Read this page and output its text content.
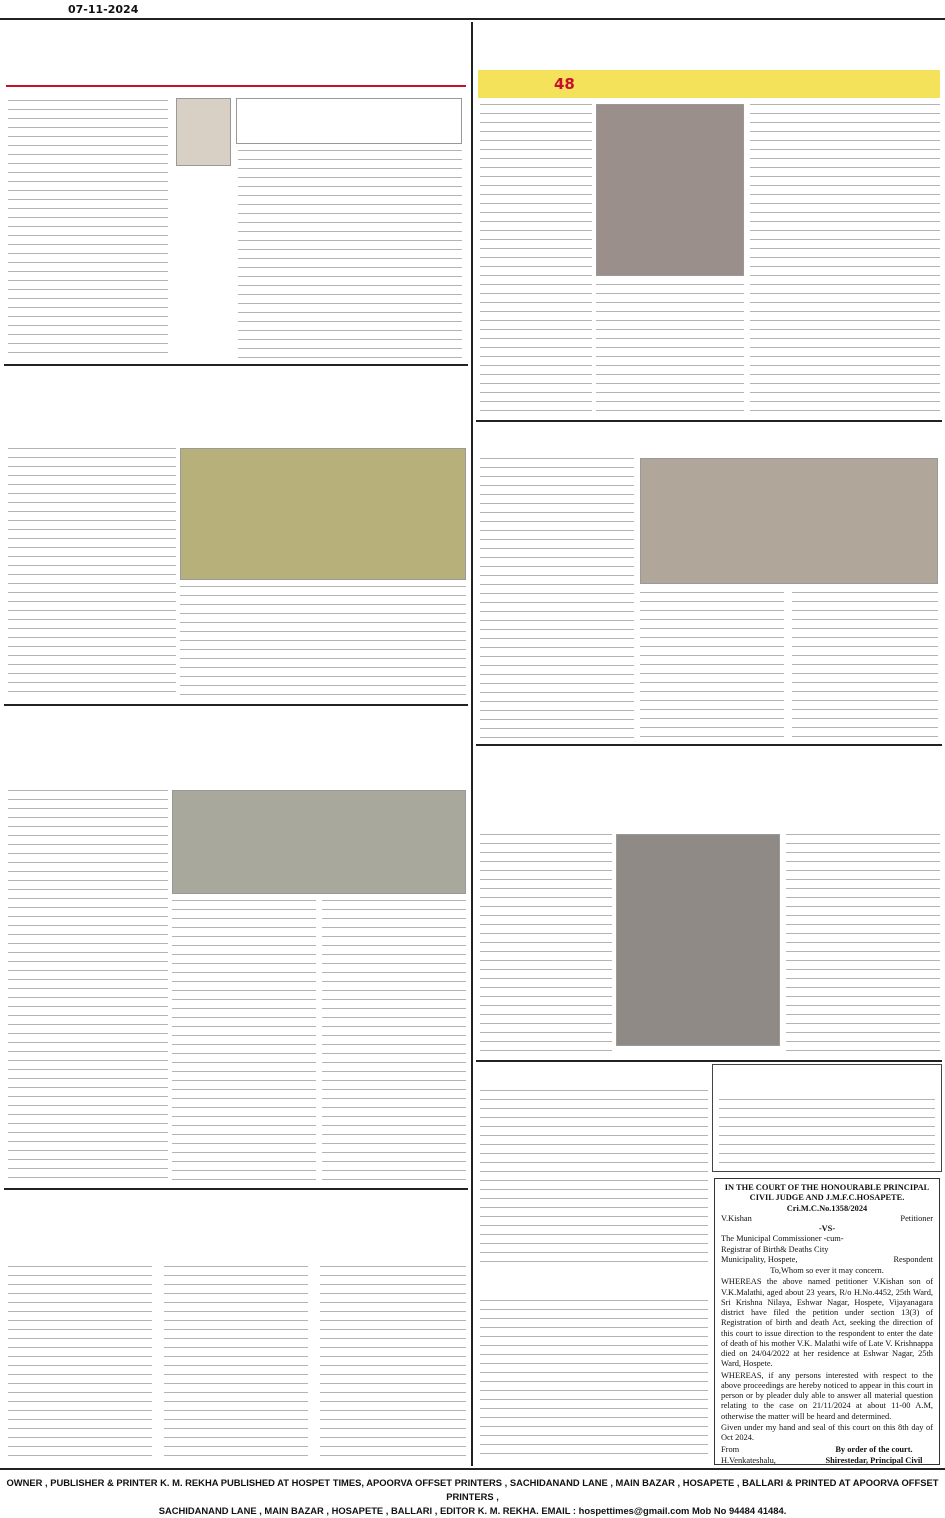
07-11-2024
48
IN THE COURT OF THE HONOURABLE PRINCIPAL CIVIL JUDGE AND J.M.F.C.HOSAPETE.
Cri.M.C.No.1358/2024
V.Kishan	Petitioner
-VS-
The Municipal Commissioner -cum- Registrar of Birth& Deaths City Municipality, Hospete,	Respondent

To,Whom so ever it may concern.

WHEREAS the above named petitioner V.Kishan son of V.K.Malathi, aged about 23 years, R/o H.No.4452, 25th Ward, Sri Krishna Nilaya, Eshwar Nagar, Hospete, Vijayanagara district have filed the petition under section 13(3) of Registration of birth and death Act, seeking the direction of this court to issue direction to the respondent to enter the date of death of his mother V.K. Malathi wife of Late V. Krishnappa died on 24/04/2022 at her residence at Eshwar Nagar, 25th Ward, Hospete.

WHEREAS, if any persons interested with respect to the above proceedings are hereby noticed to appear in this court in person or by pleader duly able to answer all material question relating to the case on 21/11/2024 at about 11-00 A.M, otherwise the matter will be heard and determined.

Given under my hand and seal of this court on this 8th day of Oct 2024.

From
H.Venkateshalu,
By order of the court.
Shirestedar, Principal Civil
OWNER , PUBLISHER & PRINTER K. M. REKHA PUBLISHED AT HOSPET TIMES, APOORVA OFFSET PRINTERS , SACHIDANAND LANE , MAIN BAZAR , HOSAPETE , BALLARI & PRINTED AT APOORVA OFFSET PRINTERS ,
SACHIDANAND LANE , MAIN BAZAR , HOSAPETE , BALLARI , EDITOR K. M. REKHA. EMAIL : hospettimes@gmail.com Mob No 94484 41484.
